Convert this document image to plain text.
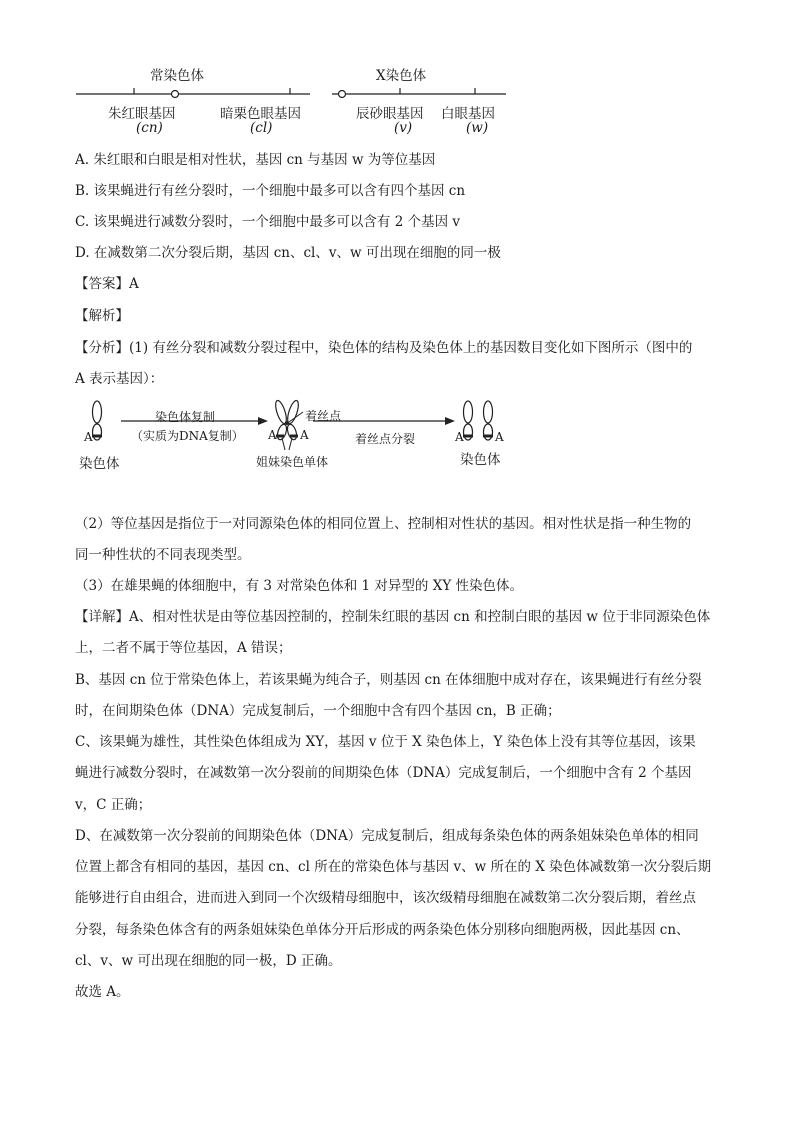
常染色体	X染色体
朱红眼基因
(cn)
暗栗色眼基因
(cl)
辰砂眼基因
(v)
白眼基因
(w)
A. 朱红眼和白眼是相对性状，基因 cn 与基因 w 为等位基因
B. 该果蝇进行有丝分裂时，一个细胞中最多可以含有四个基因 cn
C. 该果蝇进行减数分裂时，一个细胞中最多可以含有 2 个基因 v
D. 在减数第二次分裂后期，基因 cn、cl、v、w 可出现在细胞的同一极
【答案】A
【解析】
【分析】(1) 有丝分裂和减数分裂过程中，染色体的结构及染色体上的基因数目变化如下图所示（图中的
A 表示基因）：
A
染色体
染色体复制
（实质为DNA复制） A A
着丝点
姐妹染色单体
着丝点分裂	A	A
染色体
（2）等位基因是指位于一对同源染色体的相同位置上、控制相对性状的基因。相对性状是指一种生物的
同一种性状的不同表现类型。
（3）在雄果蝇的体细胞中，有 3 对常染色体和 1 对异型的 XY 性染色体。
【详解】A、相对性状是由等位基因控制的，控制朱红眼的基因 cn 和控制白眼的基因 w 位于非同源染色体
上，二者不属于等位基因，A 错误；
B、基因 cn 位于常染色体上，若该果蝇为纯合子，则基因 cn 在体细胞中成对存在，该果蝇进行有丝分裂
时，在间期染色体（DNA）完成复制后，一个细胞中含有四个基因 cn，B 正确；
C、该果蝇为雄性，其性染色体组成为 XY，基因 v 位于 X 染色体上，Y 染色体上没有其等位基因，该果
蝇进行减数分裂时，在减数第一次分裂前的间期染色体（DNA）完成复制后，一个细胞中含有 2 个基因
v，C 正确；
D、在减数第一次分裂前的间期染色体（DNA）完成复制后，组成每条染色体的两条姐妹染色单体的相同
位置上都含有相同的基因，基因 cn、cl 所在的常染色体与基因 v、w 所在的 X 染色体减数第一次分裂后期
能够进行自由组合，进而进入到同一个次级精母细胞中，该次级精母细胞在减数第二次分裂后期，着丝点
分裂，每条染色体含有的两条姐妹染色单体分开后形成的两条染色体分别移向细胞两极，因此基因 cn、
cl、v、w 可出现在细胞的同一极，D 正确。
故选 A。
